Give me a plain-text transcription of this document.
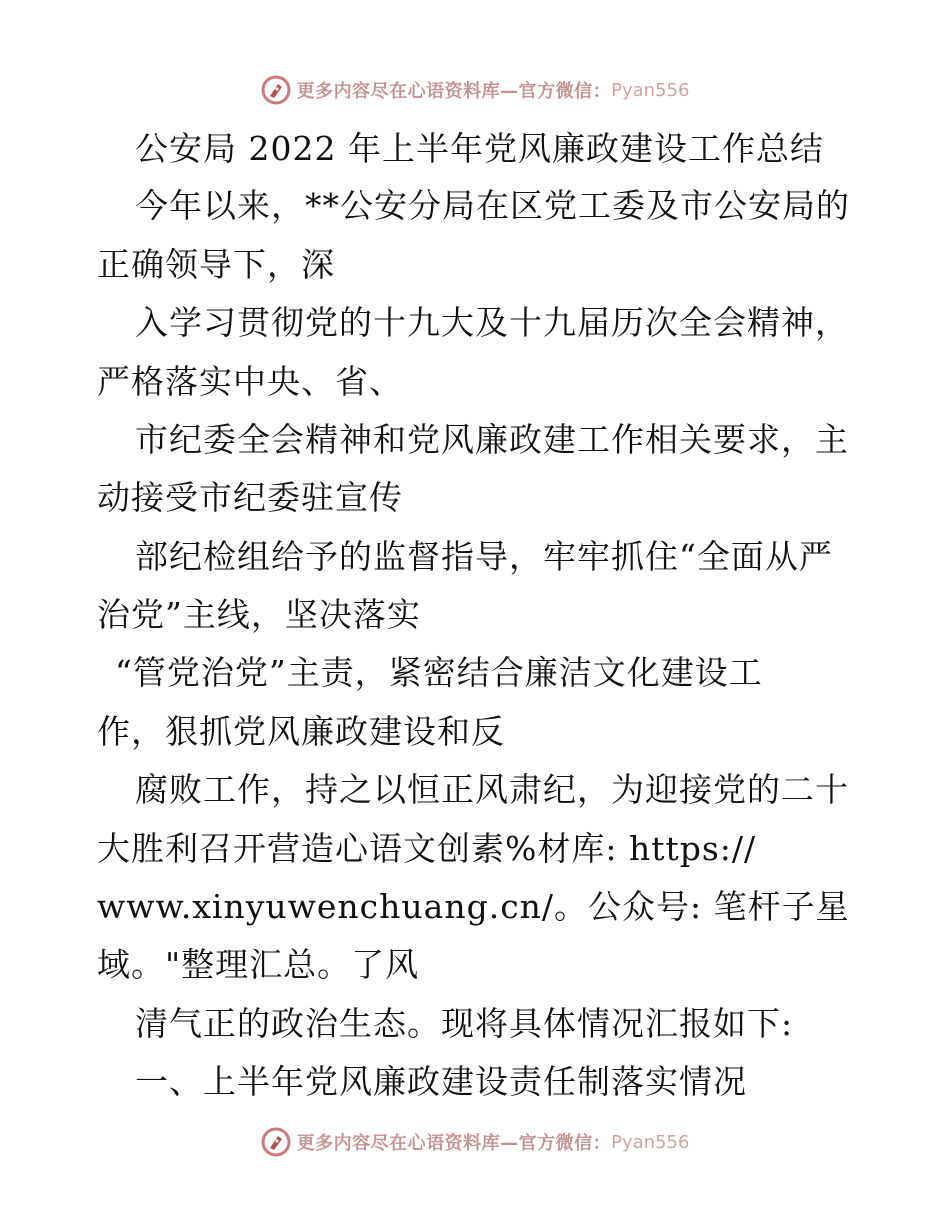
更多内容尽在心语资料库—官方微信： Pyan556
公安局 2022 年上半年党风廉政建设工作总结
今年以来，**公安分局在区党工委及市公安局的
正确领导下，深
入学习贯彻党的十九大及十九届历次全会精神，
严格落实中央、省、
市纪委全会精神和党风廉政建工作相关要求，主
动接受市纪委驻宣传
部纪检组给予的监督指导，牢牢抓住“全面从严
治党”主线，坚决落实
“管党治党”主责，紧密结合廉洁文化建设工
作，狠抓党风廉政建设和反
腐败工作，持之以恒正风肃纪，为迎接党的二十
大胜利召开营造心语文创素%材库: https://
www.xinyuwenchuang.cn/。公众号: 笔杆子星
域。"整理汇总。了风
清气正的政治生态。现将具体情况汇报如下:
一、上半年党风廉政建设责任制落实情况
更多内容尽在心语资料库—官方微信： Pyan556
